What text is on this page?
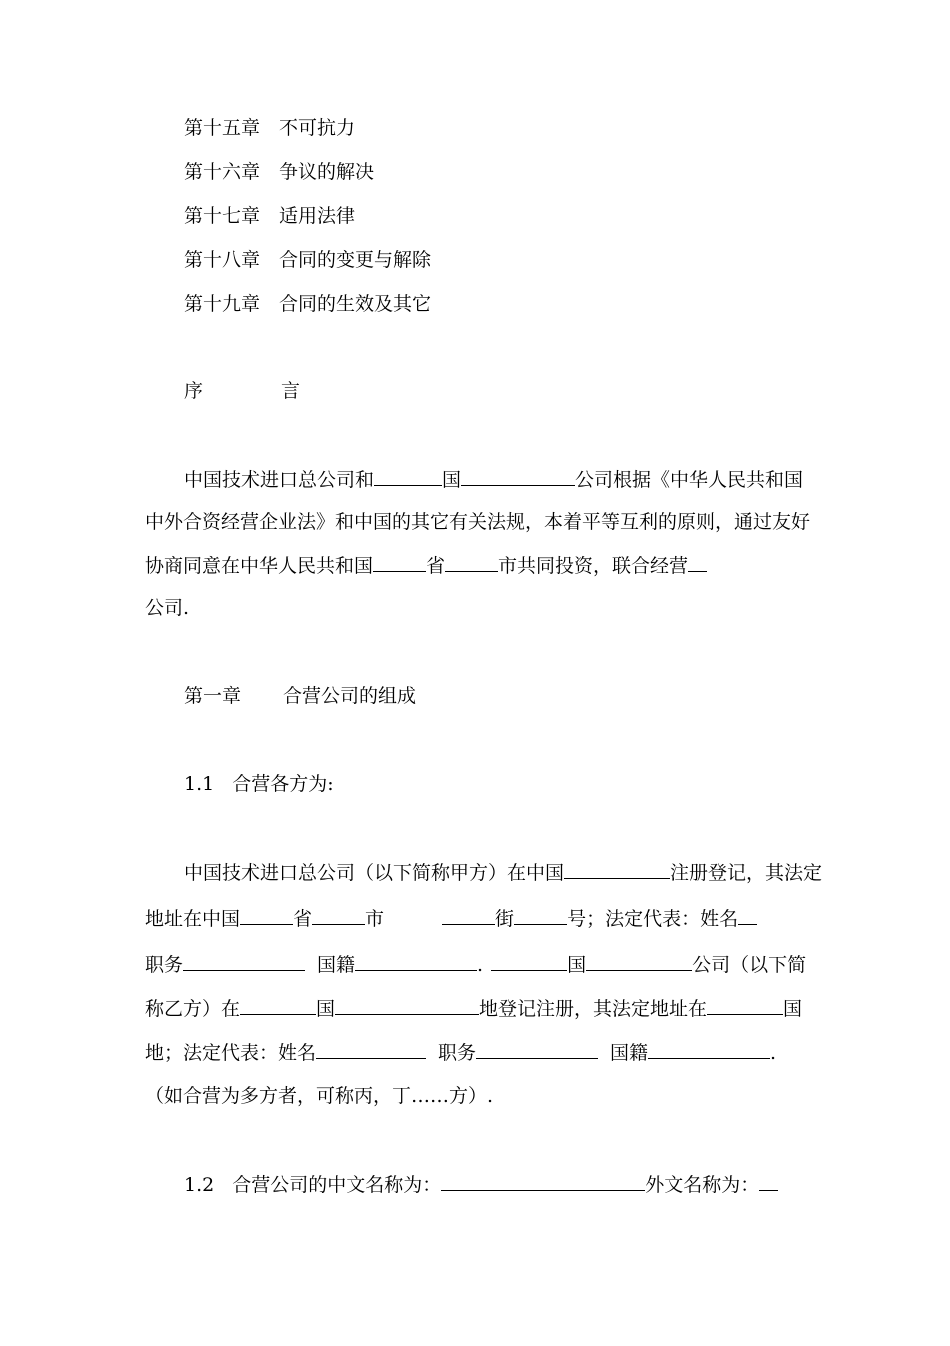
第十五章 不可抗力
第十六章 争议的解决
第十七章 适用法律
第十八章 合同的变更与解除
第十九章 合同的生效及其它
序	言
中国技术进口总公司和	国	公司根据《中华人民共和国
中外合资经营企业法》和中国的其它有关法规，本着平等互利的原则，通过友好
协商同意在中华人民共和国	省	市共同投资，联合经营
公司.
第一章 合营公司的组成
1.1 合营各方为:
中国技术进口总公司（以下简称甲方）在中国	注册登记，其法定
地址在中国	省	市	街	号；法定代表：姓名
职务	国籍	.	国	公司（以下简
称乙方）在	国	地登记注册，其法定地址在	国
地；法定代表：姓名	职务	国籍	.
（如合营为多方者，可称丙，丁……方）.
1.2 合营公司的中文名称为：	外文名称为：
